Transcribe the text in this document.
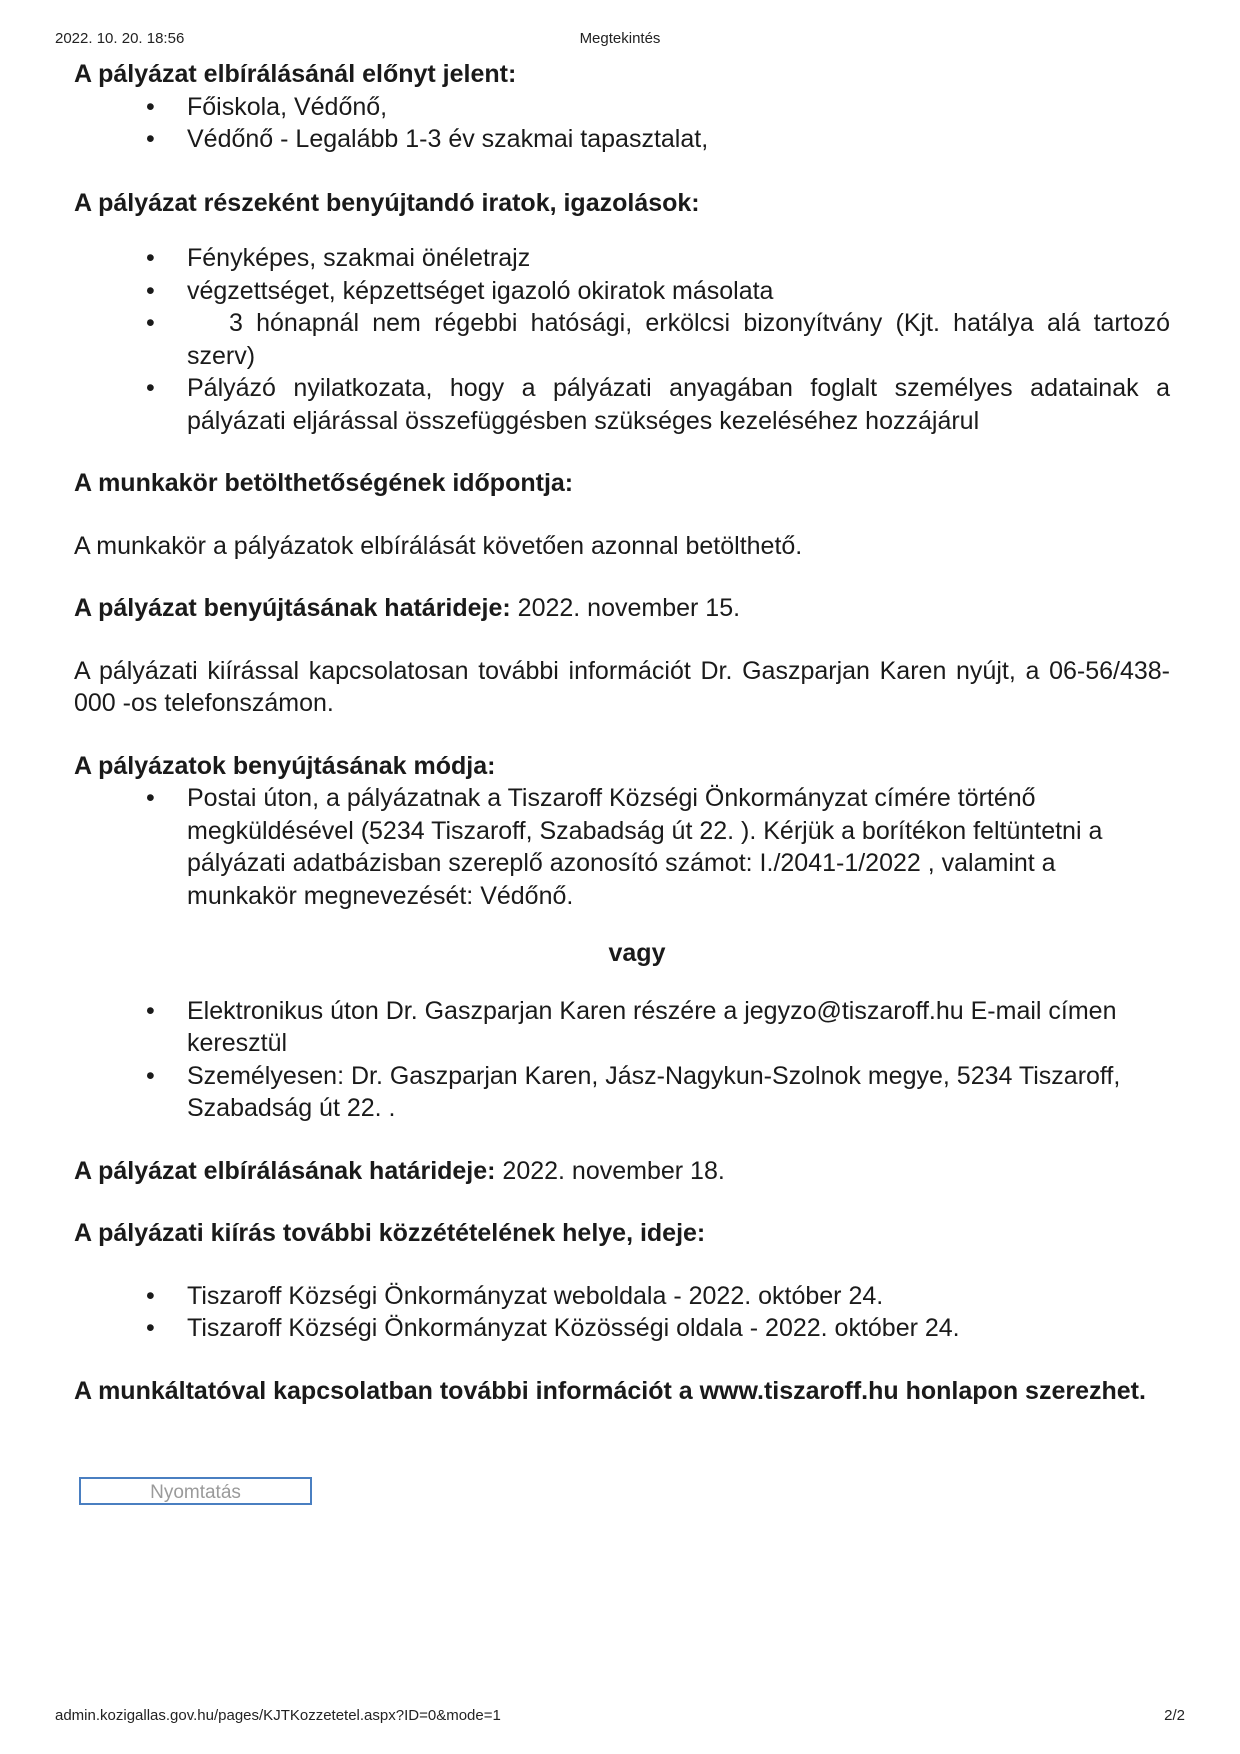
2022. 10. 20. 18:56	Megtekintés

A pályázat elbírálásánál előnyt jelent:

• Főiskola, Védőnő,
• Védőnő - Legalább 1-3 év szakmai tapasztalat,

A pályázat részeként benyújtandó iratok, igazolások:

• Fényképes, szakmai önéletrajz
• végzettséget, képzettséget igazoló okiratok másolata
•	3 hónapnál nem régebbi hatósági, erkölcsi bizonyítvány (Kjt. hatálya alá tartozó szerv)
• Pályázó nyilatkozata, hogy a pályázati anyagában foglalt személyes adatainak a pályázati eljárással összefüggésben szükséges kezeléséhez hozzájárul

A munkakör betölthetőségének időpontja:

A munkakör a pályázatok elbírálását követően azonnal betölthető.

A pályázat benyújtásának határideje: 2022. november 15.

A pályázati kiírással kapcsolatosan további információt Dr. Gaszparjan Karen nyújt, a 06-56/438-000 -os telefonszámon.

A pályázatok benyújtásának módja:

• Postai úton, a pályázatnak a Tiszaroff Községi Önkormányzat címére történő megküldésével (5234 Tiszaroff, Szabadság út 22. ). Kérjük a borítékon feltüntetni a pályázati adatbázisban szereplő azonosító számot: I./2041-1/2022 , valamint a munkakör megnevezését: Védőnő.

vagy

• Elektronikus úton Dr. Gaszparjan Karen részére a jegyzo@tiszaroff.hu E-mail címen keresztül
• Személyesen: Dr. Gaszparjan Karen, Jász-Nagykun-Szolnok megye, 5234 Tiszaroff, Szabadság út 22. .

A pályázat elbírálásának határideje: 2022. november 18.

A pályázati kiírás további közzétételének helye, ideje:

• Tiszaroff Községi Önkormányzat weboldala - 2022. október 24.
• Tiszaroff Községi Önkormányzat Közösségi oldala - 2022. október 24.

A munkáltatóval kapcsolatban további információt a www.tiszaroff.hu honlapon szerezhet.

Nyomtatás
admin.kozigallas.gov.hu/pages/KJTKozzetetel.aspx?ID=0&mode=1	2/2
